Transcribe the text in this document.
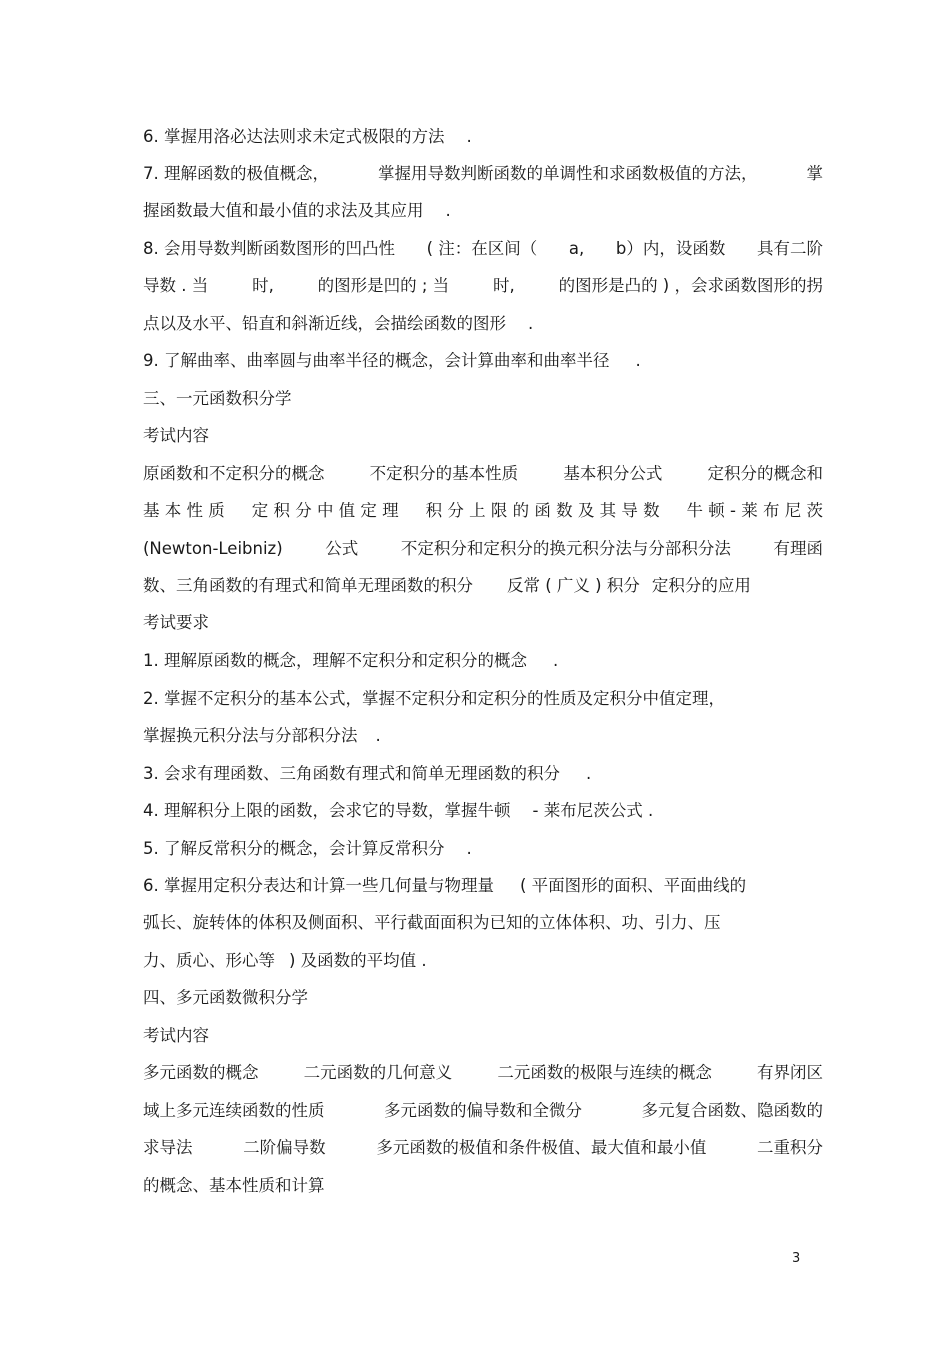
6. 掌握用洛必达法则求未定式极限的方法 .
7. 理解函数的极值概念，	掌握用导数判断函数的单调性和求函数极值的方法，	掌
握函数最大值和最小值的求法及其应用 .
8. 会用导数判断函数图形的凹凸性 ( 注：在区间（ a, b）内，设函数 具有二阶
导数 . 当	时,	的图形是凹的 ; 当	时,	的图形是凸的 ) ，会求函数图形的拐
点以及水平、铅直和斜渐近线，会描绘函数的图形 .
9. 了解曲率、曲率圆与曲率半径的概念，会计算曲率和曲率半径 .
三、一元函数积分学
考试内容
原函数和不定积分的概念	不定积分的基本性质	基本积分公式	定积分的概念和
基 本 性 质 定 积 分 中 值 定 理 积 分 上 限 的 函 数 及 其 导 数 牛 顿 - 莱 布 尼 茨
(Newton-Leibniz)	公式	不定积分和定积分的换元积分法与分部积分法	有理函
数、三角函数的有理式和简单无理函数的积分 反常 ( 广义 ) 积分 定积分的应用
考试要求
1. 理解原函数的概念，理解不定积分和定积分的概念 .
2. 掌握不定积分的基本公式，掌握不定积分和定积分的性质及定积分中值定理，
掌握换元积分法与分部积分法 .
3. 会求有理函数、三角函数有理式和简单无理函数的积分 .
4. 理解积分上限的函数，会求它的导数，掌握牛顿 - 莱布尼茨公式 .
5. 了解反常积分的概念，会计算反常积分 .
6. 掌握用定积分表达和计算一些几何量与物理量 ( 平面图形的面积、平面曲线的
弧长、旋转体的体积及侧面积、平行截面面积为已知的立体体积、功、引力、压
力、质心、形心等 ) 及函数的平均值 .
四、多元函数微积分学
考试内容
多元函数的概念	二元函数的几何意义	二元函数的极限与连续的概念	有界闭区
域上多元连续函数的性质	多元函数的偏导数和全微分	多元复合函数、隐函数的
求导法	二阶偏导数	多元函数的极值和条件极值、最大值和最小值	二重积分
的概念、基本性质和计算
3
